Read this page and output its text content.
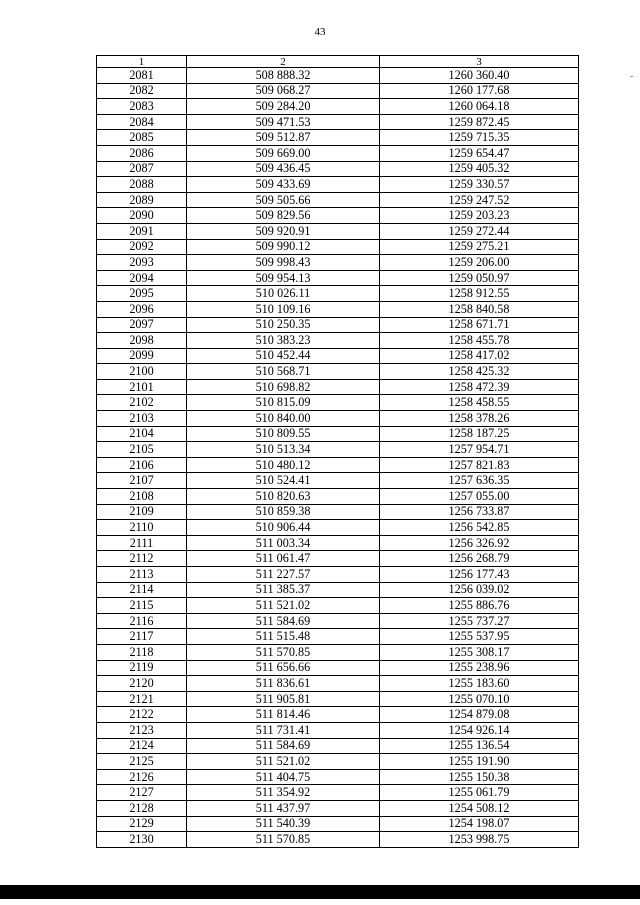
43
1	2	3
2081	508 888.32	1260 360.40
2082	509 068.27	1260 177.68
2083	509 284.20	1260 064.18
2084	509 471.53	1259 872.45
2085	509 512.87	1259 715.35
2086	509 669.00	1259 654.47
2087	509 436.45	1259 405.32
2088	509 433.69	1259 330.57
2089	509 505.66	1259 247.52
2090	509 829.56	1259 203.23
2091	509 920.91	1259 272.44
2092	509 990.12	1259 275.21
2093	509 998.43	1259 206.00
2094	509 954.13	1259 050.97
2095	510 026.11	1258 912.55
2096	510 109.16	1258 840.58
2097	510 250.35	1258 671.71
2098	510 383.23	1258 455.78
2099	510 452.44	1258 417.02
2100	510 568.71	1258 425.32
2101	510 698.82	1258 472.39
2102	510 815.09	1258 458.55
2103	510 840.00	1258 378.26
2104	510 809.55	1258 187.25
2105	510 513.34	1257 954.71
2106	510 480.12	1257 821.83
2107	510 524.41	1257 636.35
2108	510 820.63	1257 055.00
2109	510 859.38	1256 733.87
2110	510 906.44	1256 542.85
2111	511 003.34	1256 326.92
2112	511 061.47	1256 268.79
2113	511 227.57	1256 177.43
2114	511 385.37	1256 039.02
2115	511 521.02	1255 886.76
2116	511 584.69	1255 737.27
2117	511 515.48	1255 537.95
2118	511 570.85	1255 308.17
2119	511 656.66	1255 238.96
2120	511 836.61	1255 183.60
2121	511 905.81	1255 070.10
2122	511 814.46	1254 879.08
2123	511 731.41	1254 926.14
2124	511 584.69	1255 136.54
2125	511 521.02	1255 191.90
2126	511 404.75	1255 150.38
2127	511 354.92	1255 061.79
2128	511 437.97	1254 508.12
2129	511 540.39	1254 198.07
2130	511 570.85	1253 998.75
